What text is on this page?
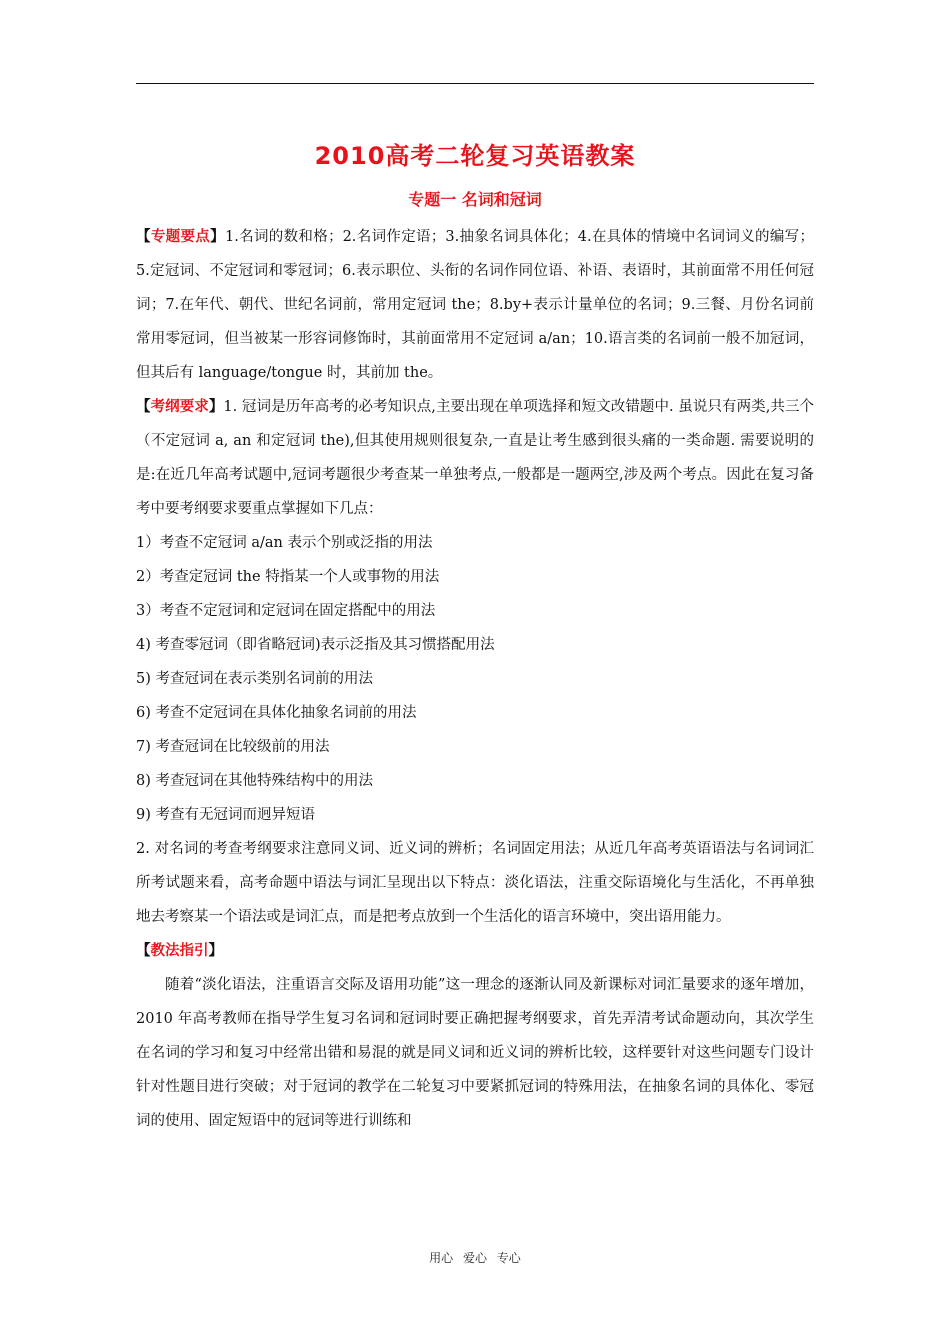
2010高考二轮复习英语教案
专题一 名词和冠词

【专题要点】1.名词的数和格；2.名词作定语；3.抽象名词具体化；4.在具体的情境中名词词义的编写；5.定冠词、不定冠词和零冠词；6.表示职位、头衔的名词作同位语、补语、表语时，其前面常不用任何冠词；7.在年代、朝代、世纪名词前，常用定冠词 the；8.by+表示计量单位的名词；9.三餐、月份名词前常用零冠词，但当被某一形容词修饰时，其前面常用不定冠词 a/an；10.语言类的名词前一般不加冠词，但其后有 language/tongue 时，其前加 the。

【考纲要求】1. 冠词是历年高考的必考知识点,主要出现在单项选择和短文改错题中. 虽说只有两类,共三个（不定冠词 a, an 和定冠词 the),但其使用规则很复杂,一直是让考生感到很头痛的一类命题. 需要说明的是:在近几年高考试题中,冠词考题很少考查某一单独考点,一般都是一题两空,涉及两个考点。因此在复习备考中要考纲要求要重点掌握如下几点：

1）考查不定冠词 a/an 表示个别或泛指的用法

2）考查定冠词 the 特指某一个人或事物的用法

3）考查不定冠词和定冠词在固定搭配中的用法

4) 考查零冠词（即省略冠词)表示泛指及其习惯搭配用法

5) 考查冠词在表示类别名词前的用法

6) 考查不定冠词在具体化抽象名词前的用法

7) 考查冠词在比较级前的用法

8) 考查冠词在其他特殊结构中的用法

9) 考查有无冠词而迥异短语

2. 对名词的考查考纲要求注意同义词、近义词的辨析；名词固定用法；从近几年高考英语语法与名词词汇所考试题来看，高考命题中语法与词汇呈现出以下特点：淡化语法，注重交际语境化与生活化，不再单独地去考察某一个语法或是词汇点，而是把考点放到一个生活化的语言环境中，突出语用能力。

【教法指引】

随着“淡化语法，注重语言交际及语用功能”这一理念的逐渐认同及新课标对词汇量要求的逐年增加，2010 年高考教师在指导学生复习名词和冠词时要正确把握考纲要求，首先弄清考试命题动向，其次学生在名词的学习和复习中经常出错和易混的就是同义词和近义词的辨析比较，这样要针对这些问题专门设计针对性题目进行突破；对于冠词的教学在二轮复习中要紧抓冠词的特殊用法，在抽象名词的具体化、零冠词的使用、固定短语中的冠词等进行训练和

用心 爱心 专心
